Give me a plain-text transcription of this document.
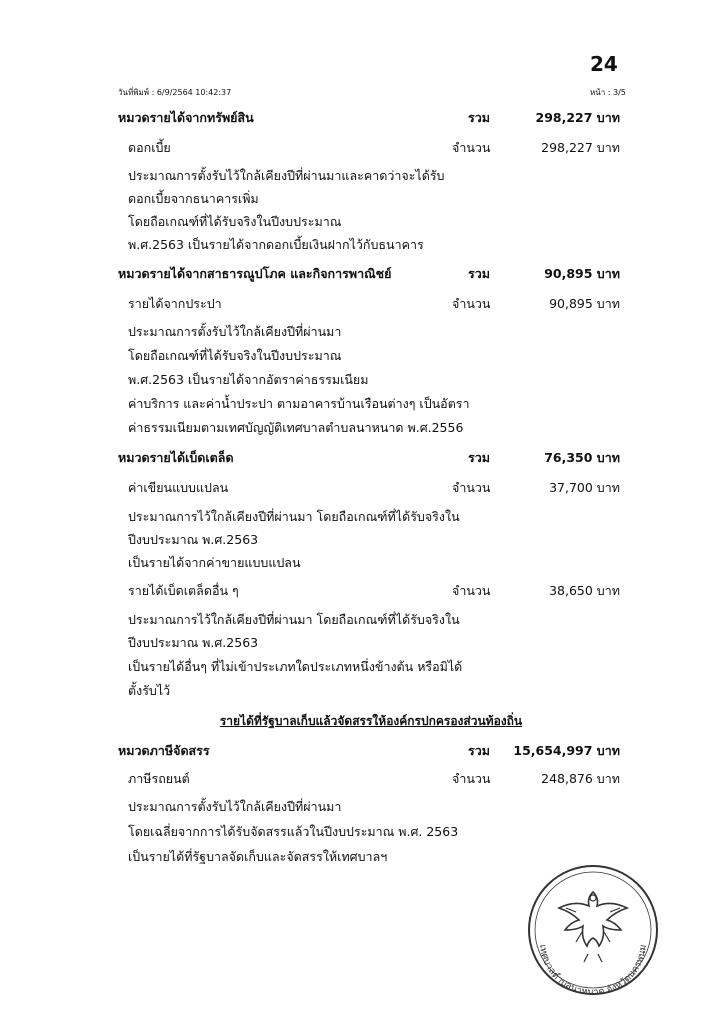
24
วันที่พิมพ์ : 6/9/2564 10:42:37	หน้า : 3/5
หมวดรายได้จากทรัพย์สิน	รวม	298,227 บาท
ดอกเบี้ย	จำนวน	298,227 บาท
ประมาณการตั้งรับไว้ใกล้เคียงปีที่ผ่านมาและคาดว่าจะได้รับ
ดอกเบี้ยจากธนาคารเพิ่ม
โดยถือเกณฑ์ที่ได้รับจริงในปีงบประมาณ
พ.ศ.2563 เป็นรายได้จากดอกเบี้ยเงินฝากไว้กับธนาคาร
หมวดรายได้จากสาธารณูปโภค และกิจการพาณิชย์	รวม	90,895 บาท
รายได้จากประปา	จำนวน	90,895 บาท
ประมาณการตั้งรับไว้ใกล้เคียงปีที่ผ่านมา
โดยถือเกณฑ์ที่ได้รับจริงในปีงบประมาณ
พ.ศ.2563 เป็นรายได้จากอัตราค่าธรรมเนียม
ค่าบริการ และค่าน้ำประปา ตามอาคารบ้านเรือนต่างๆ เป็นอัตรา
ค่าธรรมเนียมตามเทศบัญญัติเทศบาลตำบลนาหนาด พ.ศ.2556
หมวดรายได้เบ็ดเตล็ด	รวม	76,350 บาท
ค่าเขียนแบบแปลน	จำนวน	37,700 บาท
ประมาณการไว้ใกล้เคียงปีที่ผ่านมา โดยถือเกณฑ์ที่ได้รับจริงใน
ปีงบประมาณ พ.ศ.2563
เป็นรายได้จากค่าขายแบบแปลน
รายได้เบ็ดเตล็ดอื่น ๆ	จำนวน	38,650 บาท
ประมาณการไว้ใกล้เคียงปีที่ผ่านมา โดยถือเกณฑ์ที่ได้รับจริงใน
ปีงบประมาณ พ.ศ.2563
เป็นรายได้อื่นๆ ที่ไม่เข้าประเภทใดประเภทหนึ่งข้างต้น หรือมิได้
ตั้งรับไว้
รายได้ที่รัฐบาลเก็บแล้วจัดสรรให้องค์กรปกครองส่วนท้องถิ่น
หมวดภาษีจัดสรร	รวม	15,654,997 บาท
ภาษีรถยนต์	จำนวน	248,876 บาท
ประมาณการตั้งรับไว้ใกล้เคียงปีที่ผ่านมา
โดยเฉลี่ยจากการได้รับจัดสรรแล้วในปีงบประมาณ พ.ศ. 2563
เป็นรายได้ที่รัฐบาลจัดเก็บและจัดสรรให้เทศบาลฯ
เทศบาลตำบลนาหนาด จังหวัดนครพนม
